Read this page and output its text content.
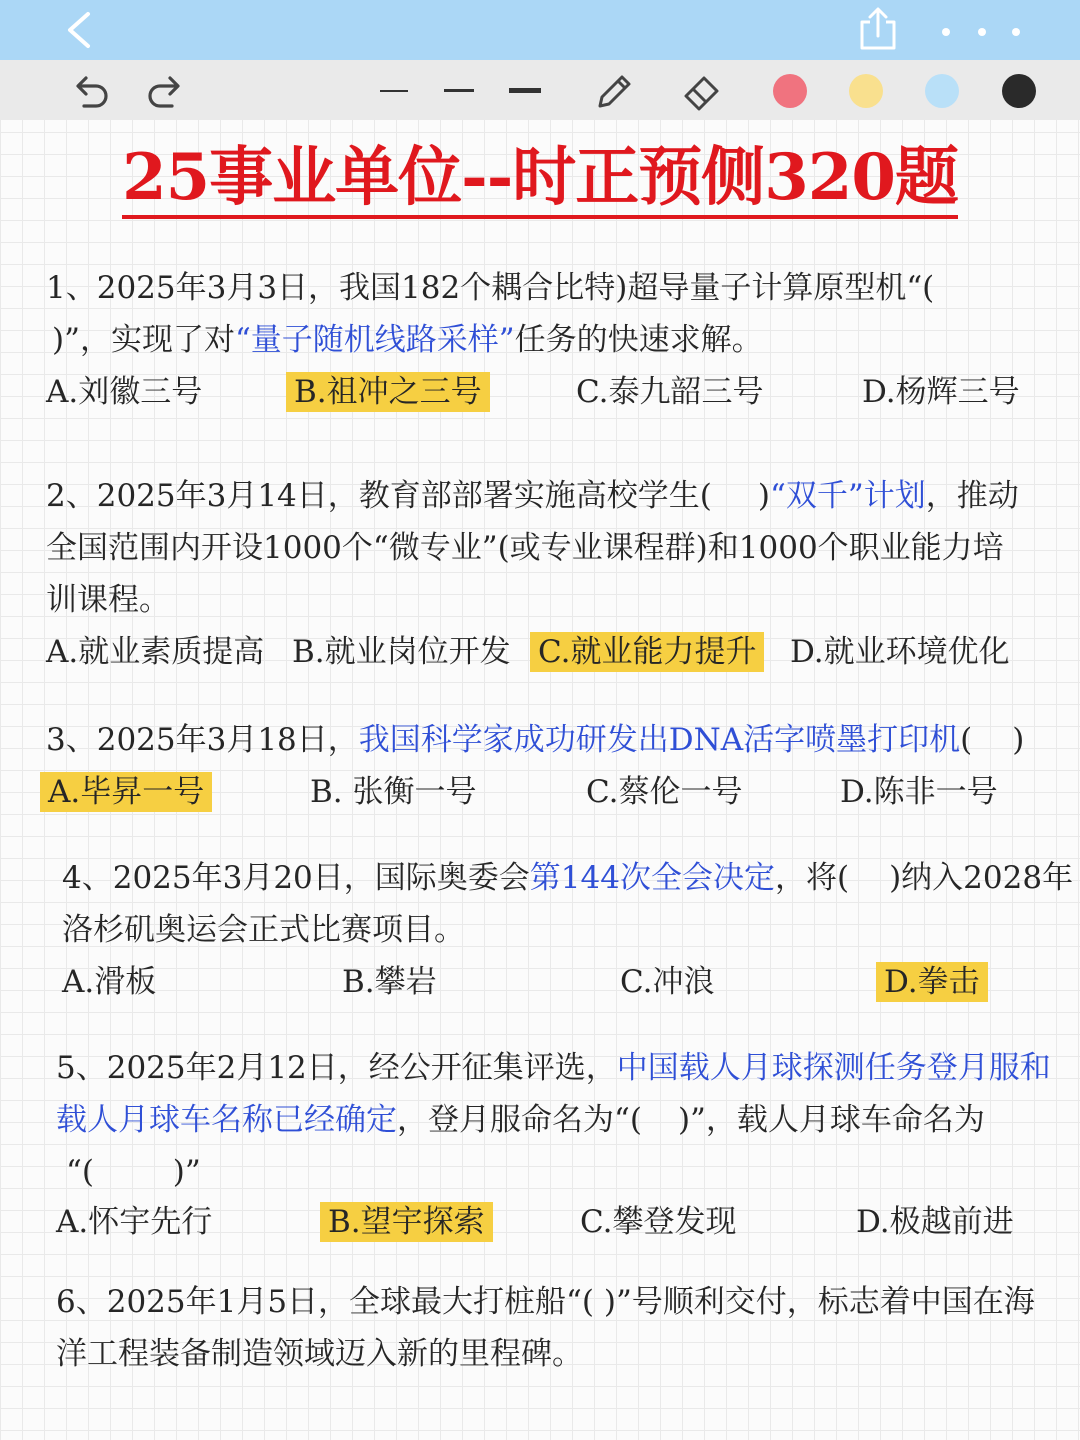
25事业单位--时正预侧320题
1、2025年3月3日，我国182个耦合比特)超导量子计算原型机“(
)”，实现了对“量子随机线路采样”任务的快速求解。
A.刘徽三号	B.祖冲之三号	C.泰九韶三号	D.杨辉三号
2、2025年3月14日，教育部部署实施高校学生( )“双千”计划，推动
全国范围内开设1000个“微专业”(或专业课程群)和1000个职业能力培
训课程。
A.就业素质提高 B.就业岗位开发 C.就业能力提升 D.就业环境优化
3、2025年3月18日，我国科学家成功研发出DNA活字喷墨打印机( )
A.毕昇一号	B. 张衡一号	C.蔡伦一号	D.陈非一号
4、2025年3月20日，国际奥委会第144次全会决定，将( )纳入2028年
洛杉矶奥运会正式比赛项目。
A.滑板	B.攀岩	C.冲浪	D.拳击
5、2025年2月12日，经公开征集评选，中国载人月球探测任务登月服和
载人月球车名称已经确定，登月服命名为“( )”，载人月球车命名为
“(        )”
A.怀宇先行	B.望宇探索	C.攀登发现	D.极越前进
6、2025年1月5日，全球最大打桩船“( )”号顺利交付，标志着中国在海
洋工程装备制造领域迈入新的里程碑。
